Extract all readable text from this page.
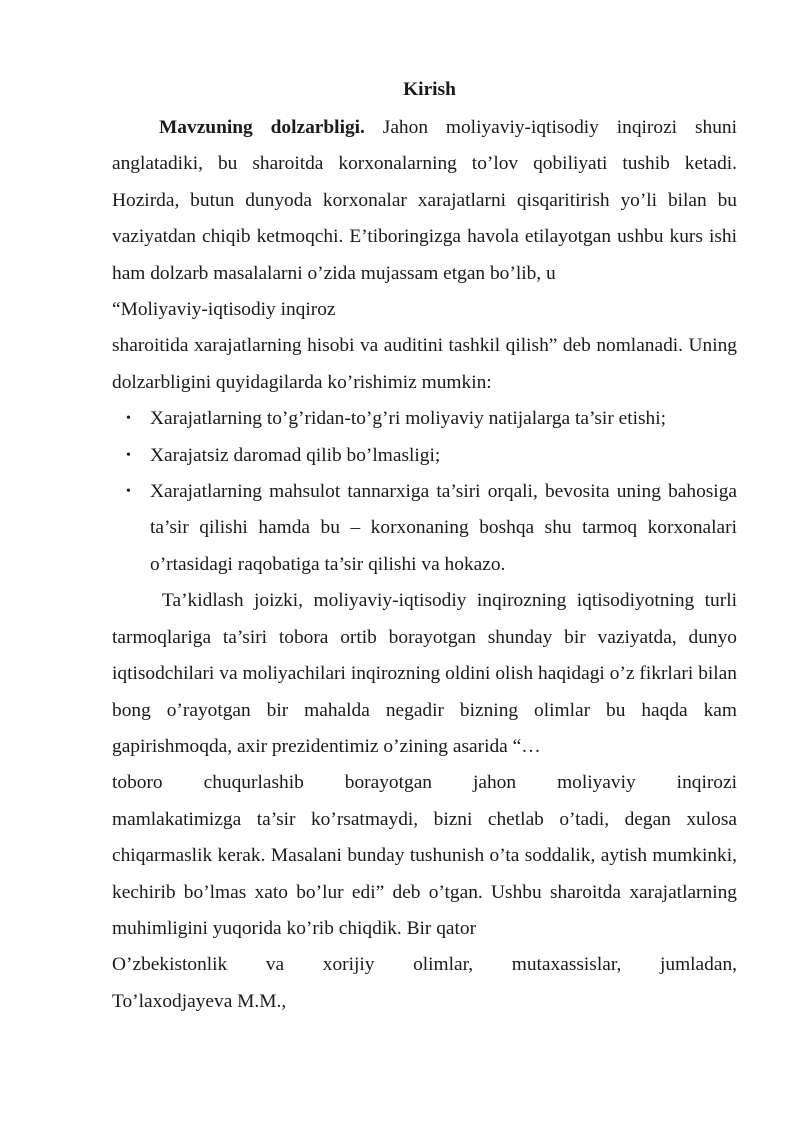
Kirish

Mavzuning dolzarbligi. Jahon moliyaviy-iqtisodiy inqirozi shuni anglatadiki, bu sharoitda korxonalarning to’lov qobiliyati tushib ketadi. Hozirda, butun dunyoda korxonalar xarajatlarni qisqaritirish yo’li bilan bu vaziyatdan chiqib ketmoqchi. E’tiboringizga havola etilayotgan ushbu kurs ishi ham dolzarb masalalarni o’zida mujassam etgan bo’lib, u

“Moliyaviy-iqtisodiy inqiroz
sharoitida xarajatlarning hisobi va auditini tashkil qilish” deb nomlanadi. Uning dolzarbligini quyidagilarda ko’rishimiz mumkin:

• Xarajatlarning to’g’ridan-to’g’ri moliyaviy natijalarga ta’sir etishi;
• Xarajatsiz daromad qilib bo’lmasligi;
• Xarajatlarning mahsulot tannarxiga ta’siri orqali, bevosita uning bahosiga ta’sir qilishi hamda bu – korxonaning boshqa shu tarmoq korxonalari o’rtasidagi raqobatiga ta’sir qilishi va hokazo.

Ta’kidlash joizki, moliyaviy-iqtisodiy inqirozning iqtisodiyotning turli tarmoqlariga ta’siri tobora ortib borayotgan shunday bir vaziyatda, dunyo iqtisodchilari va moliyachilari inqirozning oldini olish haqidagi o’z fikrlari bilan bong o’rayotgan bir mahalda negadir bizning olimlar bu haqda kam gapirishmoqda, axir prezidentimiz o’zining asarida “…

toboro chuqurlashib borayotgan jahon moliyaviy inqirozi
mamlakatimizga ta’sir ko’rsatmaydi, bizni chetlab o’tadi, degan xulosa chiqarmaslik kerak. Masalani bunday tushunish o’ta soddalik, aytish mumkinki, kechirib bo’lmas xato bo’lur edi” deb o’tgan. Ushbu sharoitda xarajatlarning muhimligini yuqorida ko’rib chiqdik. Bir qator
O’zbekistonlik va xorijiy olimlar, mutaxassislar, jumladan,
To’laxodjayeva M.M.,
